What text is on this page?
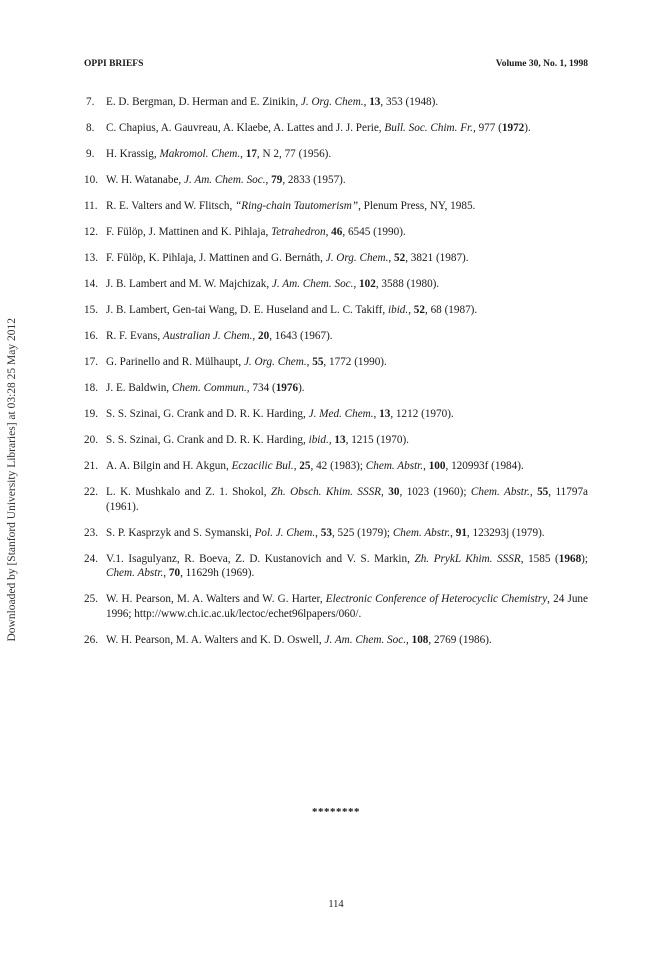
Downloaded by [Stanford University Libraries] at 03:28 25 May 2012
OPPI BRIEFS	Volume 30, No. 1, 1998
7.	E. D. Bergman, D. Herman and E. Zinikin, J. Org. Chem., 13, 353 (1948).
8.	C. Chapius, A. Gauvreau, A. Klaebe, A. Lattes and J. J. Perie, Bull. Soc. Chim. Fr., 977 (1972).
9.	H. Krassig, Makromol. Chem., 17, N 2, 77 (1956).
10. W. H. Watanabe, J. Am. Chem. Soc., 79, 2833 (1957).
11. R. E. Valters and W. Flitsch, “Ring-chain Tautomerism”, Plenum Press, NY, 1985.
12. F. Fülöp, J. Mattinen and K. Pihlaja, Tetrahedron, 46, 6545 (1990).
13. F. Fülöp, K. Pihlaja, J. Mattinen and G. Bernáth, J. Org. Chem., 52, 3821 (1987).
14. J. B. Lambert and M. W. Majchizak, J. Am. Chem. Soc., 102, 3588 (1980).
15. J. B. Lambert, Gen-tai Wang, D. E. Huseland and L. C. Takiff, ibid., 52, 68 (1987).
16. R. F. Evans, Australian J. Chem., 20, 1643 (1967).
17. G. Parinello and R. Mülhaupt, J. Org. Chem., 55, 1772 (1990).
18. J. E. Baldwin, Chem. Commun., 734 (1976).
19. S. S. Szinai, G. Crank and D. R. K. Harding, J. Med. Chem., 13, 1212 (1970).
20. S. S. Szinai, G. Crank and D. R. K. Harding, ibid., 13, 1215 (1970).
21. A. A. Bilgin and H. Akgun, Eczacilic Bul., 25, 42 (1983); Chem. Abstr., 100, 120993f (1984).
22. L. K. Mushkalo and Z. 1. Shokol, Zh. Obsch. Khim. SSSR, 30, 1023 (1960); Chem. Abstr., 55, 11797a (1961).
23. S. P. Kasprzyk and S. Symanski, Pol. J. Chem., 53, 525 (1979); Chem. Abstr., 91, 123293j (1979).
24. V.1. Isagulyanz, R. Boeva, Z. D. Kustanovich and V. S. Markin, Zh. PrykL Khim. SSSR, 1585 (1968); Chem. Abstr., 70, 11629h (1969).
25. W. H. Pearson, M. A. Walters and W. G. Harter, Electronic Conference of Heterocyclic Chemistry, 24 June 1996; http://www.ch.ic.ac.uk/lectoc/echet96lpapers/060/.
26. W. H. Pearson, M. A. Walters and K. D. Oswell, J. Am. Chem. Soc., 108, 2769 (1986).
********
114
